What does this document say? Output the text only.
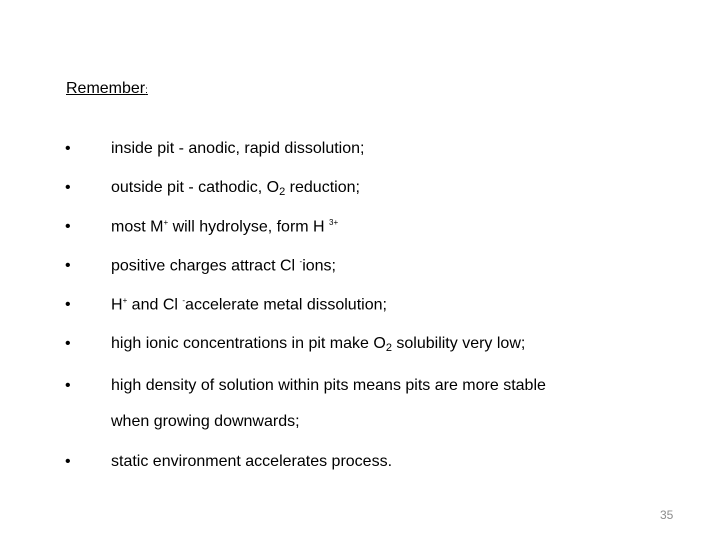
Remember:
•	inside pit - anodic, rapid dissolution;
•	outside pit - cathodic, $O_2$ reduction;
•	most M+ will hydrolyse, form H $^{3+}$
•	positive charges attract Cl -ions;
•	H+ and Cl -accelerate metal dissolution;
•	high ionic concentrations in pit make $O_2$ solubility very low;
•	high density of solution within pits means pits are more stable
when growing downwards;
•	static environment accelerates process.
35
